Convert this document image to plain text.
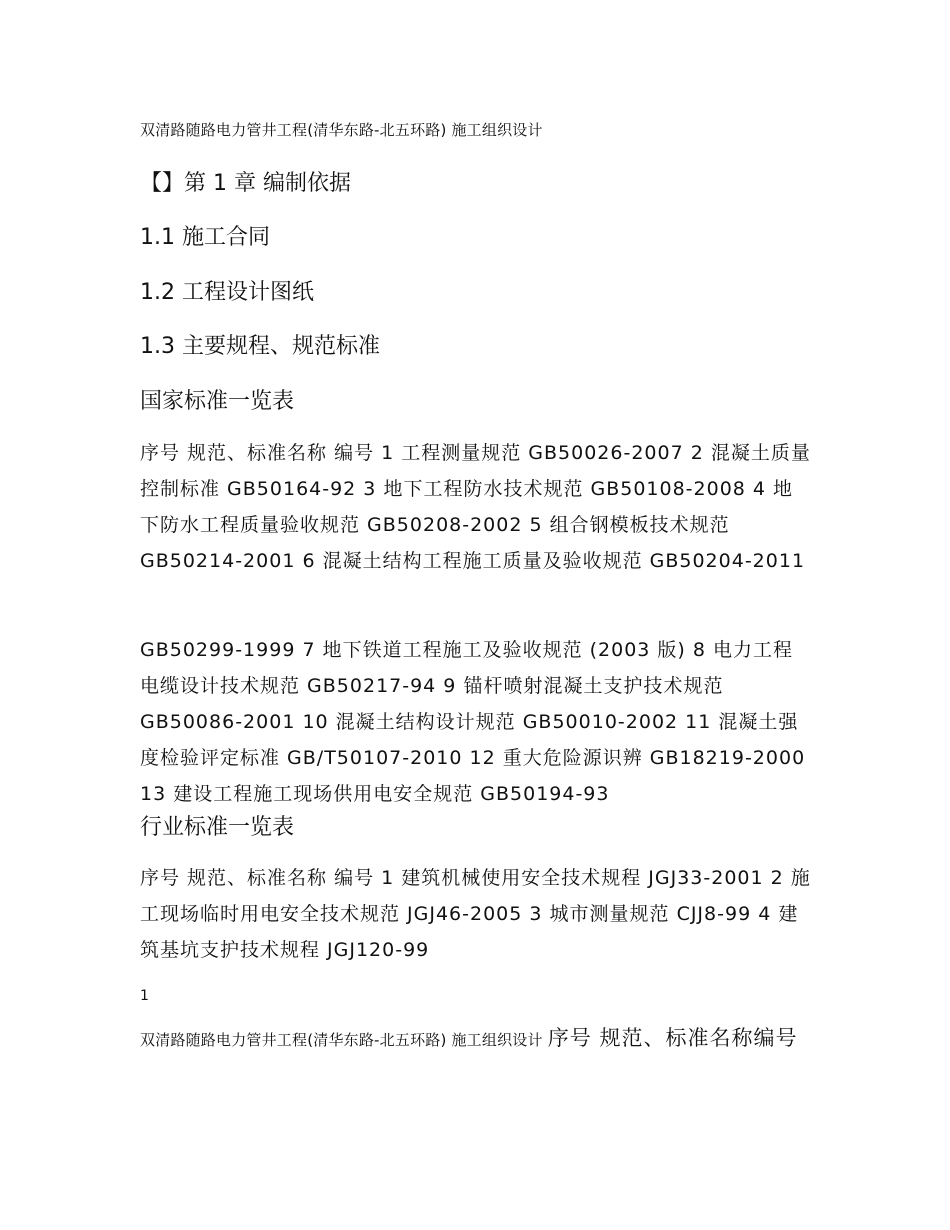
双清路随路电力管井工程(清华东路-北五环路) 施工组织设计
【】第 1 章 编制依据
1.1 施工合同
1.2 工程设计图纸
1.3 主要规程、规范标准
国家标准一览表

序号 规范、标准名称 编号 1 工程测量规范 GB50026-2007 2 混凝土质量控制标准 GB50164-92 3 地下工程防水技术规范 GB50108-2008 4 地下防水工程质量验收规范 GB50208-2002 5 组合钢模板技术规范 GB50214-2001 6 混凝土结构工程施工质量及验收规范 GB50204-2011

GB50299-1999 7 地下铁道工程施工及验收规范 (2003 版) 8 电力工程电缆设计技术规范 GB50217-94 9 锚杆喷射混凝土支护技术规范 GB50086-2001 10 混凝土结构设计规范 GB50010-2002 11 混凝土强度检验评定标准 GB/T50107-2010 12 重大危险源识辨 GB18219-2000 13 建设工程施工现场供用电安全规范 GB50194-93

行业标准一览表

序号 规范、标准名称 编号 1 建筑机械使用安全技术规程 JGJ33-2001 2 施工现场临时用电安全技术规范 JGJ46-2005 3 城市测量规范 CJJ8-99 4 建筑基坑支护技术规程 JGJ120-99

1

双清路随路电力管井工程(清华东路-北五环路) 施工组织设计 序号 规范、标准名称编号
